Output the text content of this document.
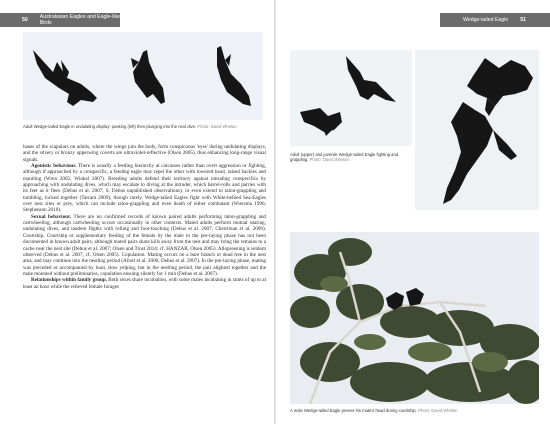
50 Australasian Eagles and Eagle-like Birds
Adult Wedge-tailed Eagle in undulating display: peaking (left) then plunging into the next dive. Photo: David Whelan

bases of the scapulars on adults, where the wings join the body, form conspicuous 'eyes' during undulating displays, and the silvery or bronzy upperwing coverts are ultraviolet-reflective (Olsen 2005), thus enhancing long-range visual signals.

Agonistic behaviour. There is usually a feeding hierarchy at carcasses rather than overt aggression or fighting, although if approached by a conspecific, a feeding eagle may repel the other with lowered head, raised hackles and mantling (Wren 2005; Winkel 2007). Breeding adults defend their territory against intruding conspecifics by approaching with undulating dives, which may escalate to diving at the intruder, which barrel-rolls and parries with its feet as it flees (Debus et al. 2007; S. Debus unpublished observations), or even extend to talon-grappling and tumbling, locked together (Tarrant 2009), though rarely. Wedge-tailed Eagles fight with White-bellied Sea-Eagles over nest sites or prey, which can include talon-grappling and even death of either combatant (Wiersma 1996; Stephenson 2010).

Sexual behaviour. There are no confirmed records of known paired adults performing talon-grappling and cartwheeling, although cartwheeling occurs occasionally in other contexts. Mated adults perform mutual soaring, undulating dives, and tandem flights with rolling and foot-touching (Debus et al. 2007; Cherriman et al. 2009). Courtship. Courtship or supplementary feeding of the female by the male in the pre-laying phase has not been documented in known adult pairs, although mated pairs share kills away from the nest and may bring the remains to a cache near the nest site (Debus et al. 2007; Olsen and Trost 2014; cf. HANZAB, Olsen 2005). Allopreening is seldom observed (Debus et al. 2007, cf. Olsen 2005). Copulation. Mating occurs on a bare branch or dead tree in the nest area, and may continue into the nestling period (Allott et al. 2006; Debus et al. 2007). In the pre-laying phase, mating was preceded or accompanied by loud, slow yelping, but in the nestling period, the pair alighted together and the male mounted without preliminaries, copulation ensuing silently for 1 min (Debus et al. 2007).

Relationships within family group. Both sexes share incubation, with some males incubating in stints of up to at least an hour while the relieved female forages

Wedge-tailed Eagle 51
Adult (upper) and juvenile Wedge-tailed Eagle fighting and grappling. Photo: David Whelan
A male Wedge-tailed Eagle preens his mate's head during courtship. Photo: David Whelan
